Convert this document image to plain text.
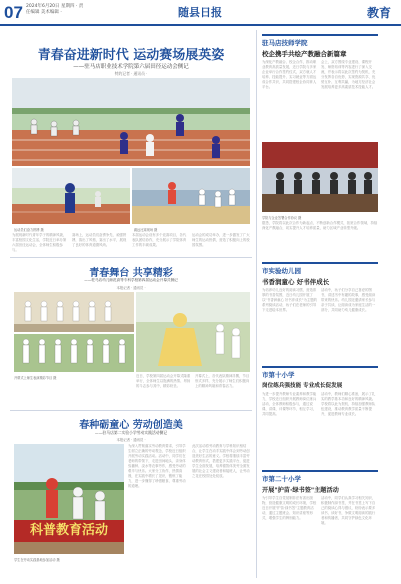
07 2024年6月20日 星期四 · 责任编辑 美术编辑 ·	随县日报	教育
青春奋进新时代 运动赛场展英姿
——驻马店职业技术学院第六届田径运动会侧记
特约记者 · 通讯员 ·
运动员们奋力拼搏 摄	跳远比赛现场 摄
为展现新时代青年学子的精神风貌，丰富校园文化生活，学院近日举办第六届田径运动会，全体师生积极参与。
赛场上，运动员们奋勇争先、顽强拼搏，赛出了风格，赛出了水平，展现了良好的体育道德风尚。
本届运动会设有多个竞赛项目，各代表队团结协作，充分展示了学院体育工作的丰硕成果。
运动会的成功举办，进一步激发了广大师生的运动热情，营造了积极向上的校园氛围。
青春舞台 共享精彩
——驻马店幼儿师范高等专科学校第四届运动会开幕式侧记
本报记者 · 通讯员 ·
开幕式上师生表演精彩节目 摄	近日，学校第四届运动会开幕式隆重举行，全体师生以饱满的热情、昂扬的斗志参与其中，精彩纷呈。
开幕式上，各代表队精神抖擞，节目形式多样，充分展示了师生们积极向上的精神风貌和青春活力。
春种砺童心 劳动创造美
——驻马店第二实验小学劳动实践活动侧记
本报记者 · 通讯员 ·
科普教育活动
学生在劳动实践基地参加活动 摄
为深入贯彻落实劳动教育要求，引导学生树立正确的劳动观念，学校近日组织开展劳动实践活动。活动中，同学们在老师的带领下，走进田间地头，亲身体验播种、浇水等农事劳作，感受劳动的艰辛与快乐。大家分工协作，热情高涨，在实践中增长了见识，锻炼了能力，进一步懂得了珍惜粮食、尊重劳动的道理。
此次活动将劳动教育与学科知识相结合，让学生在动手实践中体会到劳动创造美好生活的意义。学校将继续丰富劳动教育形式，搭建更多实践平台，促进学生全面发展，培养德智体美劳全面发展的社会主义建设者和接班人，让劳动之花在校园处处绽放。
驻马店技师学院
校企携手共绘产教融合新篇章
为深化产教融合、校企合作，推动职业教育高质量发展，近日学院与多家企业举行合作签约仪式，双方就人才培养、技能提升、实习就业等方面达成合作共识，共同搭建校企协同育人平台。
会上，双方围绕专业建设、课程开发、师资培训等内容进行了深入交流，并表示将以此次签约为契机，充分发挥各自优势，实现资源共享、优势互补、互利共赢，为地方经济社会发展培养更多高素质技术技能人才。
学院与企业签署合作协议 摄
据悉，学院将以此次合作为新起点，不断创新合作模式，拓宽合作领域，持续深化产教融合，切实提升人才培养质量，助力区域产业转型升级。
市实验幼儿园
书香润童心 好书伴成长
为培养幼儿良好的阅读习惯，营造浓厚的书香氛围，近日幼儿园开展了以"书香润童心 好书伴成长"为主题的系列阅读活动，孩子们在老师的引导下走进绘本世界。
活动中，孩子们分享自己喜爱的图书，讲述书中有趣的故事，感受阅读带来的快乐。幼儿园还邀请家长参与亲子共读，让阅读成为家庭生活的一部分，共同助力幼儿健康成长。
市第十小学
岗位练兵强技能 专业成长促发展
为进一步提升教师专业素养和教学能力，学校近日组织开展教师岗位练兵活动，全体教师积极参与，通过说课、讲课、评课等环节，相互学习，共同提高。
活动中，教师们精心准备，展示了扎实的教学基本功和良好的精神风貌。学校将以此为契机，持续加强教师队伍建设，推动教育教学质量不断提升，促进教师专业成长。
市第二十小学
开展"护苗·绿书签"主题活动
为引导学生自觉抵制非法有害出版物，营造健康文明的成长环境，学校近日开展"护苗·绿书签"主题教育活动，通过主题班会、知识讲座等形式，增强学生的辨别能力。
活动中，同学们认真学习相关知识，积极制作绿书签，并在书签上写下自己的阅读心得与倡议，纷纷表示要多读书、读好书，争做文明阅读的践行者和传播者，共同守护绿色文化环境。
